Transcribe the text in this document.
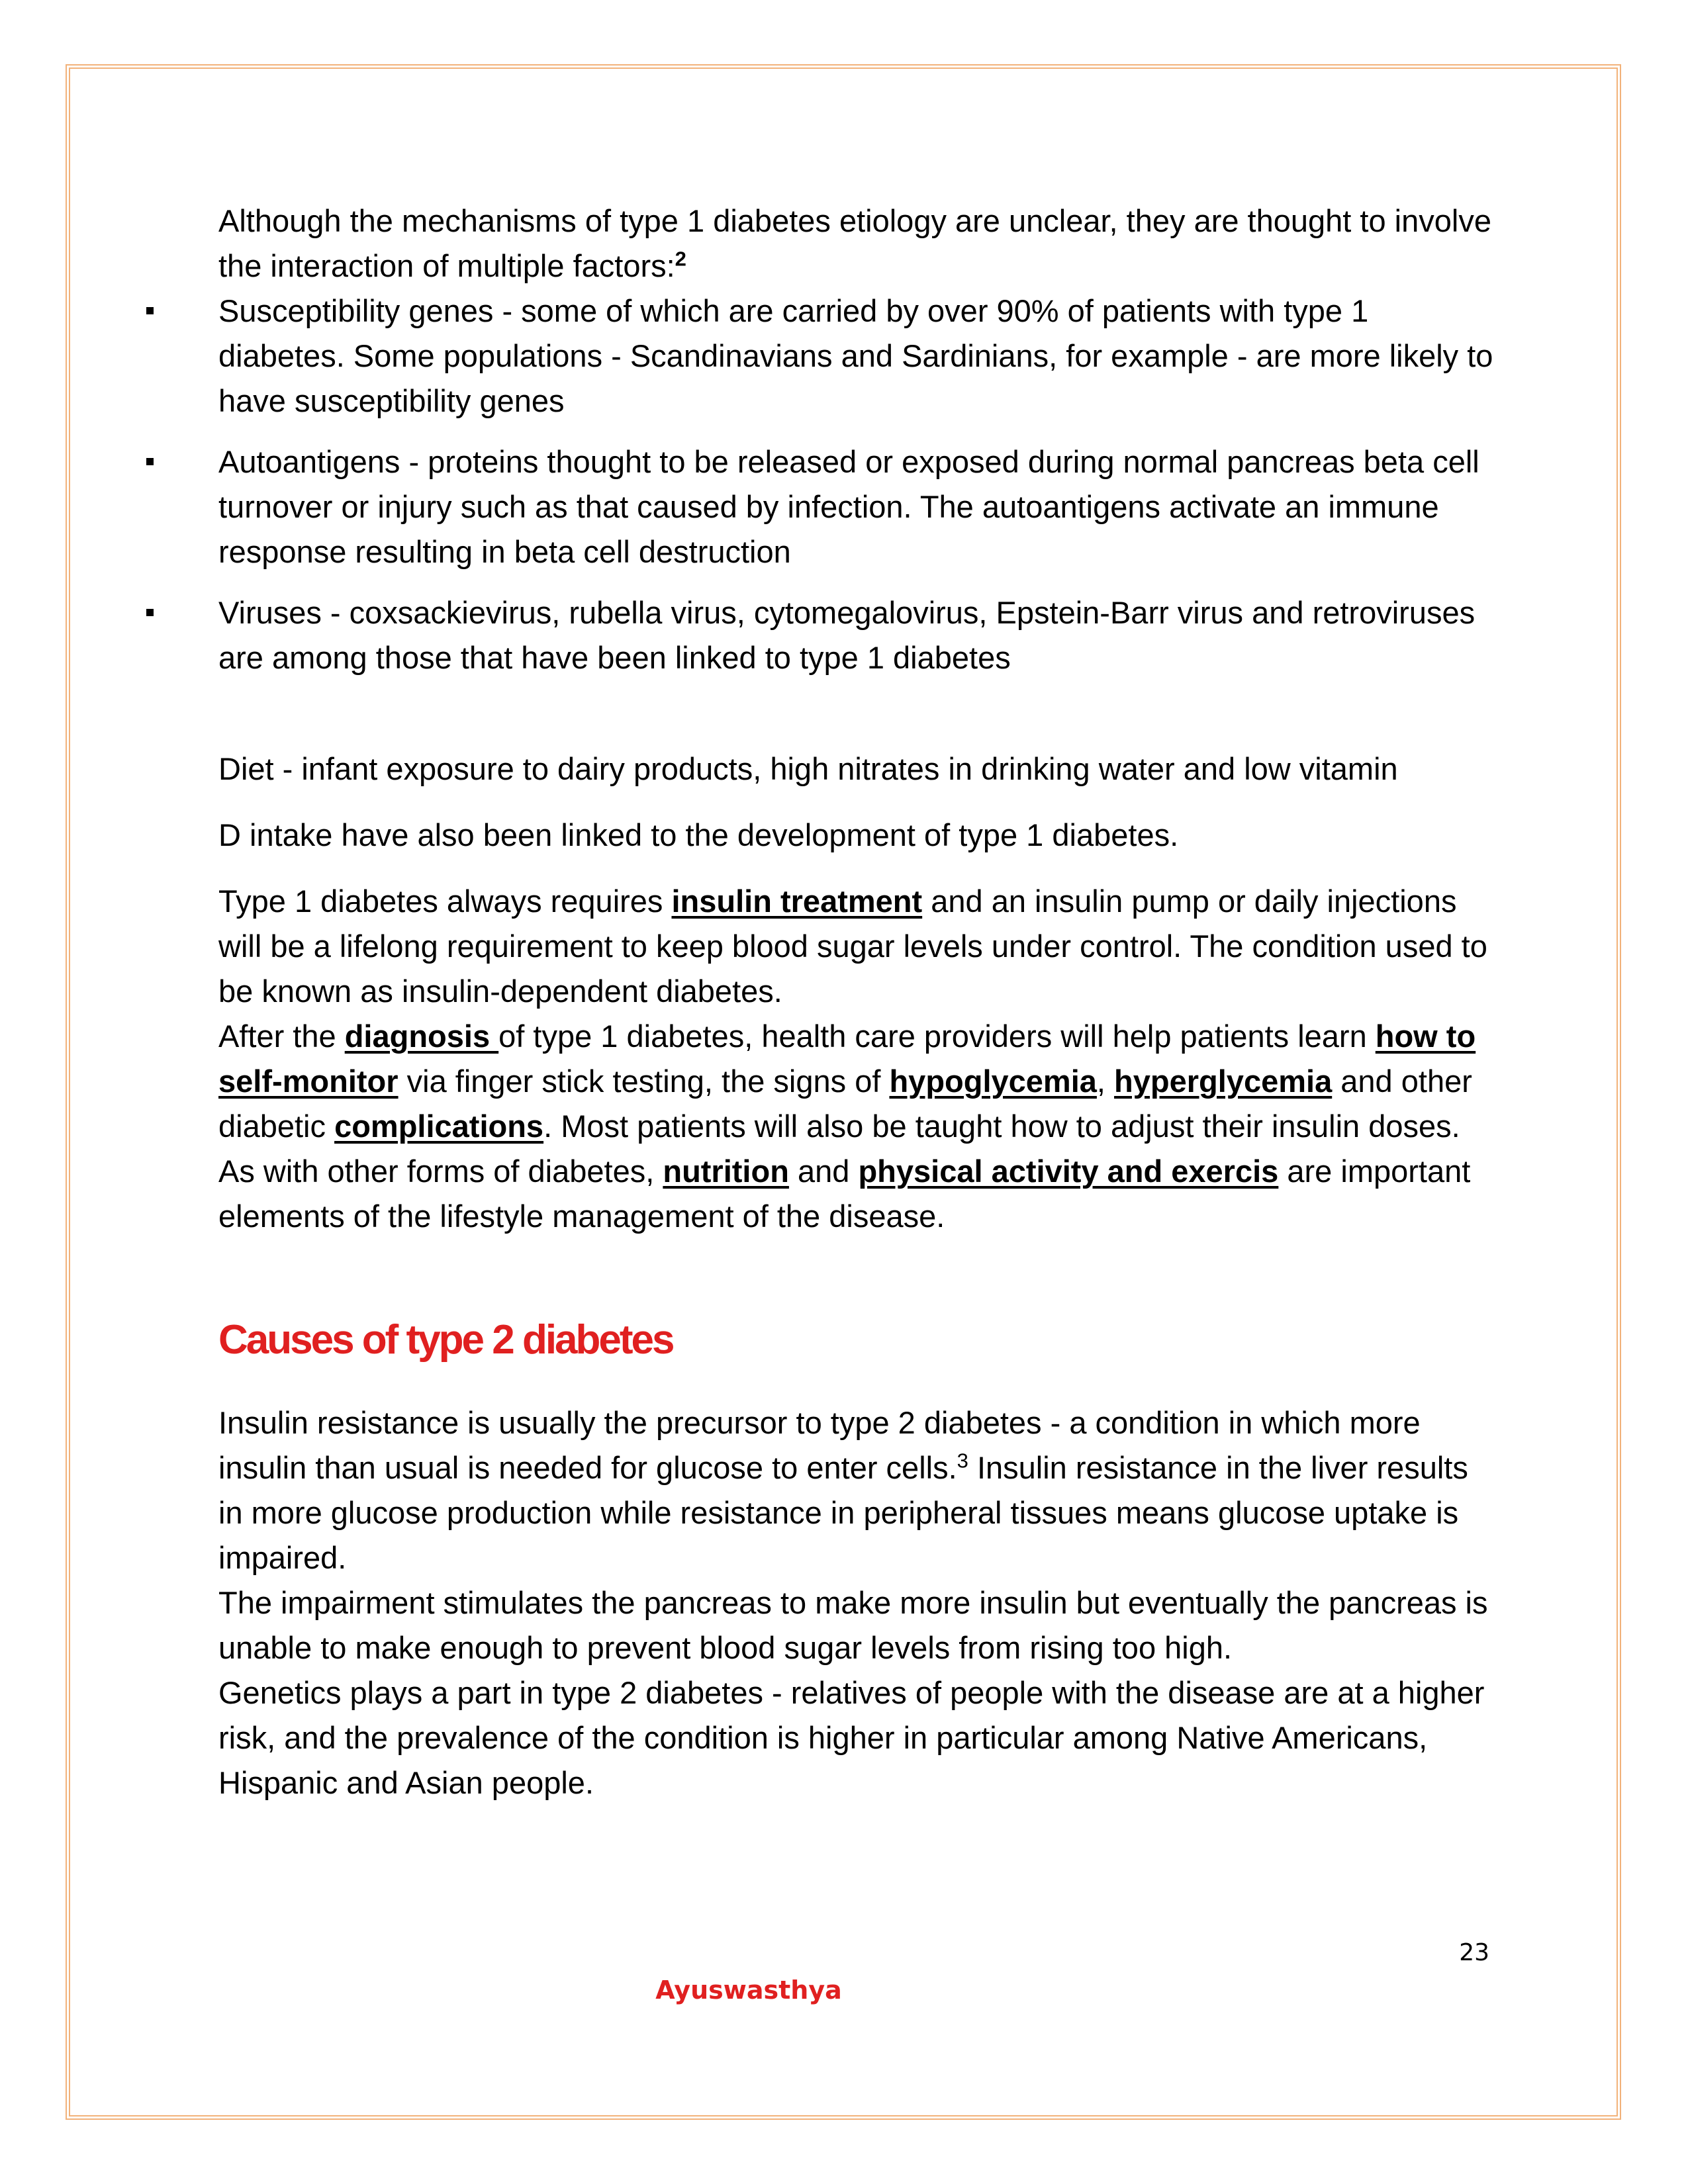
Although the mechanisms of type 1 diabetes etiology are unclear, they are thought to involve the interaction of multiple factors:$^2$

Susceptibility genes - some of which are carried by over 90% of patients with type 1 diabetes. Some populations - Scandinavians and Sardinians, for example - are more likely to have susceptibility genes
Autoantigens - proteins thought to be released or exposed during normal pancreas beta cell turnover or injury such as that caused by infection. The autoantigens activate an immune response resulting in beta cell destruction
Viruses - coxsackievirus, rubella virus, cytomegalovirus, Epstein-Barr virus and retroviruses are among those that have been linked to type 1 diabetes

Diet - infant exposure to dairy products, high nitrates in drinking water and low vitamin

D intake have also been linked to the development of type 1 diabetes.

Type 1 diabetes always requires insulin treatment and an insulin pump or daily injections will be a lifelong requirement to keep blood sugar levels under control. The condition used to be known as insulin-dependent diabetes.

After the diagnosis of type 1 diabetes, health care providers will help patients learn how to self-monitor via finger stick testing, the signs of hypoglycemia, hyperglycemia and other diabetic complications. Most patients will also be taught how to adjust their insulin doses.

As with other forms of diabetes, nutrition and physical activity and exercis are important elements of the lifestyle management of the disease.

Causes of type 2 diabetes

Insulin resistance is usually the precursor to type 2 diabetes - a condition in which more insulin than usual is needed for glucose to enter cells.$^3$ Insulin resistance in the liver results in more glucose production while resistance in peripheral tissues means glucose uptake is impaired.

The impairment stimulates the pancreas to make more insulin but eventually the pancreas is unable to make enough to prevent blood sugar levels from rising too high.

Genetics plays a part in type 2 diabetes - relatives of people with the disease are at a higher risk, and the prevalence of the condition is higher in particular among Native Americans, Hispanic and Asian people.

23
Ayuswasthya
